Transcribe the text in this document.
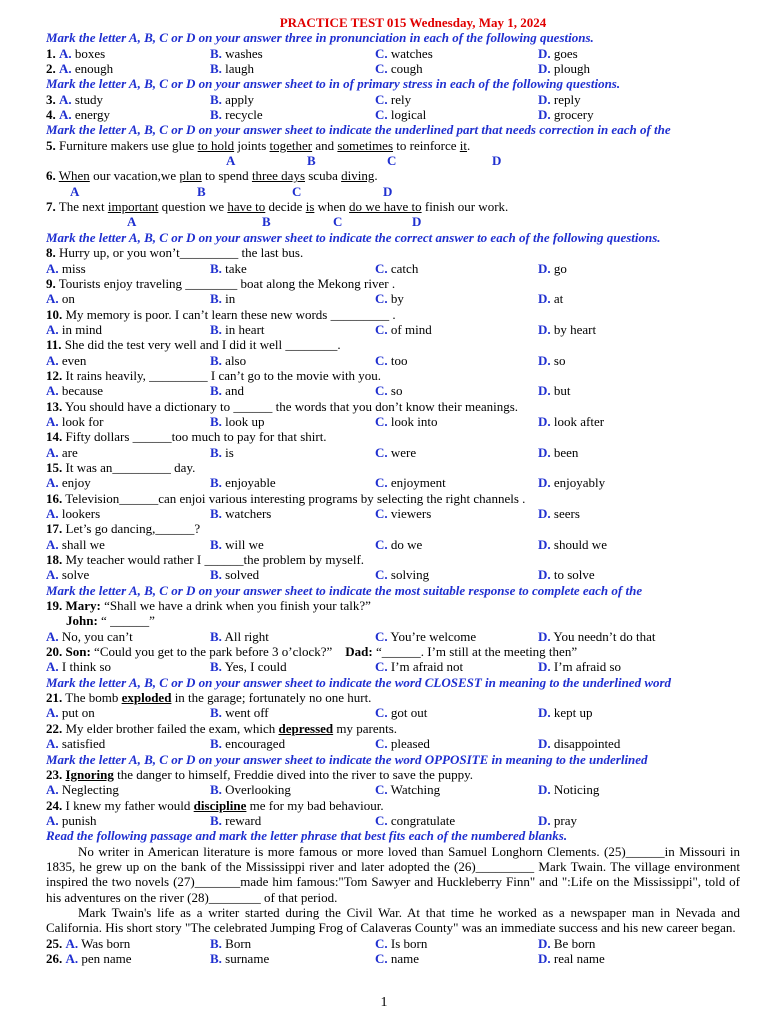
PRACTICE TEST 015 Wednesday, May 1, 2024
Mark the letter A, B, C or D on your answer three in pronunciation in each of the following questions.
1. A. boxes	B. washes	C. watches	D. goes
2. A. enough	B. laugh	C. cough	D. plough
Mark the letter A, B, C or D on your answer sheet to in of primary stress in each of the following questions.
3. A. study	B. apply	C. rely	D. reply
4. A. energy	B. recycle	C. logical	D. grocery
Mark the letter A, B, C or D on your answer sheet to indicate the underlined part that needs correction in each of the
5. Furniture makers use glue to hold joints together and sometimes to reinforce it.
A	B	C	D
6. When our vacation,we plan to spend three days scuba diving.
A	B	C	D
7. The next important question we have to decide is when do we have to finish our work.
A	B	C	D
Mark the letter A, B, C or D on your answer sheet to indicate the correct answer to each of the following questions.
8. Hurry up, or you won’t_________ the last bus.
A. miss	B. take	C. catch	D. go
9. Tourists enjoy traveling ________ boat along the Mekong river .
A. on	B. in	C. by	D. at
10. My memory is poor. I can’t learn these new words _________ .
A. in mind	B. in heart	C. of mind	D. by heart
11. She did the test very well and I did it well ________.
A. even	B. also	C. too	D. so
12. It rains heavily, _________ I can’t go to the movie with you.
A. because	B. and	C. so	D. but
13. You should have a dictionary to ______ the words that you don’t know their meanings.
A. look for	B. look up	C. look into	D. look after
14. Fifty dollars ______too much to pay for that shirt.
A. are	B. is	C. were	D. been
15. It was an_________ day.
A. enjoy	B. enjoyable	C. enjoyment	D. enjoyably
16. Television______can enjoi various interesting programs by selecting the right channels .
A. lookers	B. watchers	C. viewers	D. seers
17. Let’s go dancing,______?
A. shall we	B. will we	C. do we	D. should we
18. My teacher would rather I ______the problem by myself.
A. solve	B. solved	C. solving	D. to solve
Mark the letter A, B, C or D on your answer sheet to indicate the most suitable response to complete each of the
19. Mary: “Shall we have a drink when you finish your talk?”
John: “ ______”
A. No, you can’t	B. All right	C. You’re welcome	D. You needn’t do that
20. Son: “Could you get to the park before 3 o’clock?” Dad: “______. I’m still at the meeting then”
A. I think so	B. Yes, I could	C. I’m afraid not	D. I’m afraid so
Mark the letter A, B, C or D on your answer sheet to indicate the word CLOSEST in meaning to the underlined word
21. The bomb exploded in the garage; fortunately no one hurt.
A. put on	B. went off	C. got out	D. kept up
22. My elder brother failed the exam, which depressed my parents.
A. satisfied	B. encouraged	C. pleased	D. disappointed
Mark the letter A, B, C or D on your answer sheet to indicate the word OPPOSITE in meaning to the underlined
23. Ignoring the danger to himself, Freddie dived into the river to save the puppy.
A. Neglecting	B. Overlooking	C. Watching	D. Noticing
24. I knew my father would discipline me for my bad behaviour.
A. punish	B. reward	C. congratulate	D. pray
Read the following passage and mark the letter phrase that best fits each of the numbered blanks.
No writer in American literature is more famous or more loved than Samuel Longhorn Clements. (25)______in Missouri in 1835, he grew up on the bank of the Mississippi river and later adopted the (26)_________ Mark Twain. The village environment inspired the two novels (27)_______made him famous:"Tom Sawyer and Huckleberry Finn" and ":Life on the Mississippi", told of his adventures on the river (28)________ of that period.
Mark Twain's life as a writer started during the Civil War. At that time he worked as a newspaper man in Nevada and California. His short story "The celebrated Jumping Frog of Calaveras County" was an immediate success and his new career began.
25. A. Was born	B. Born	C. Is born	D. Be born
26. A. pen name	B. surname	C. name	D. real name
1
